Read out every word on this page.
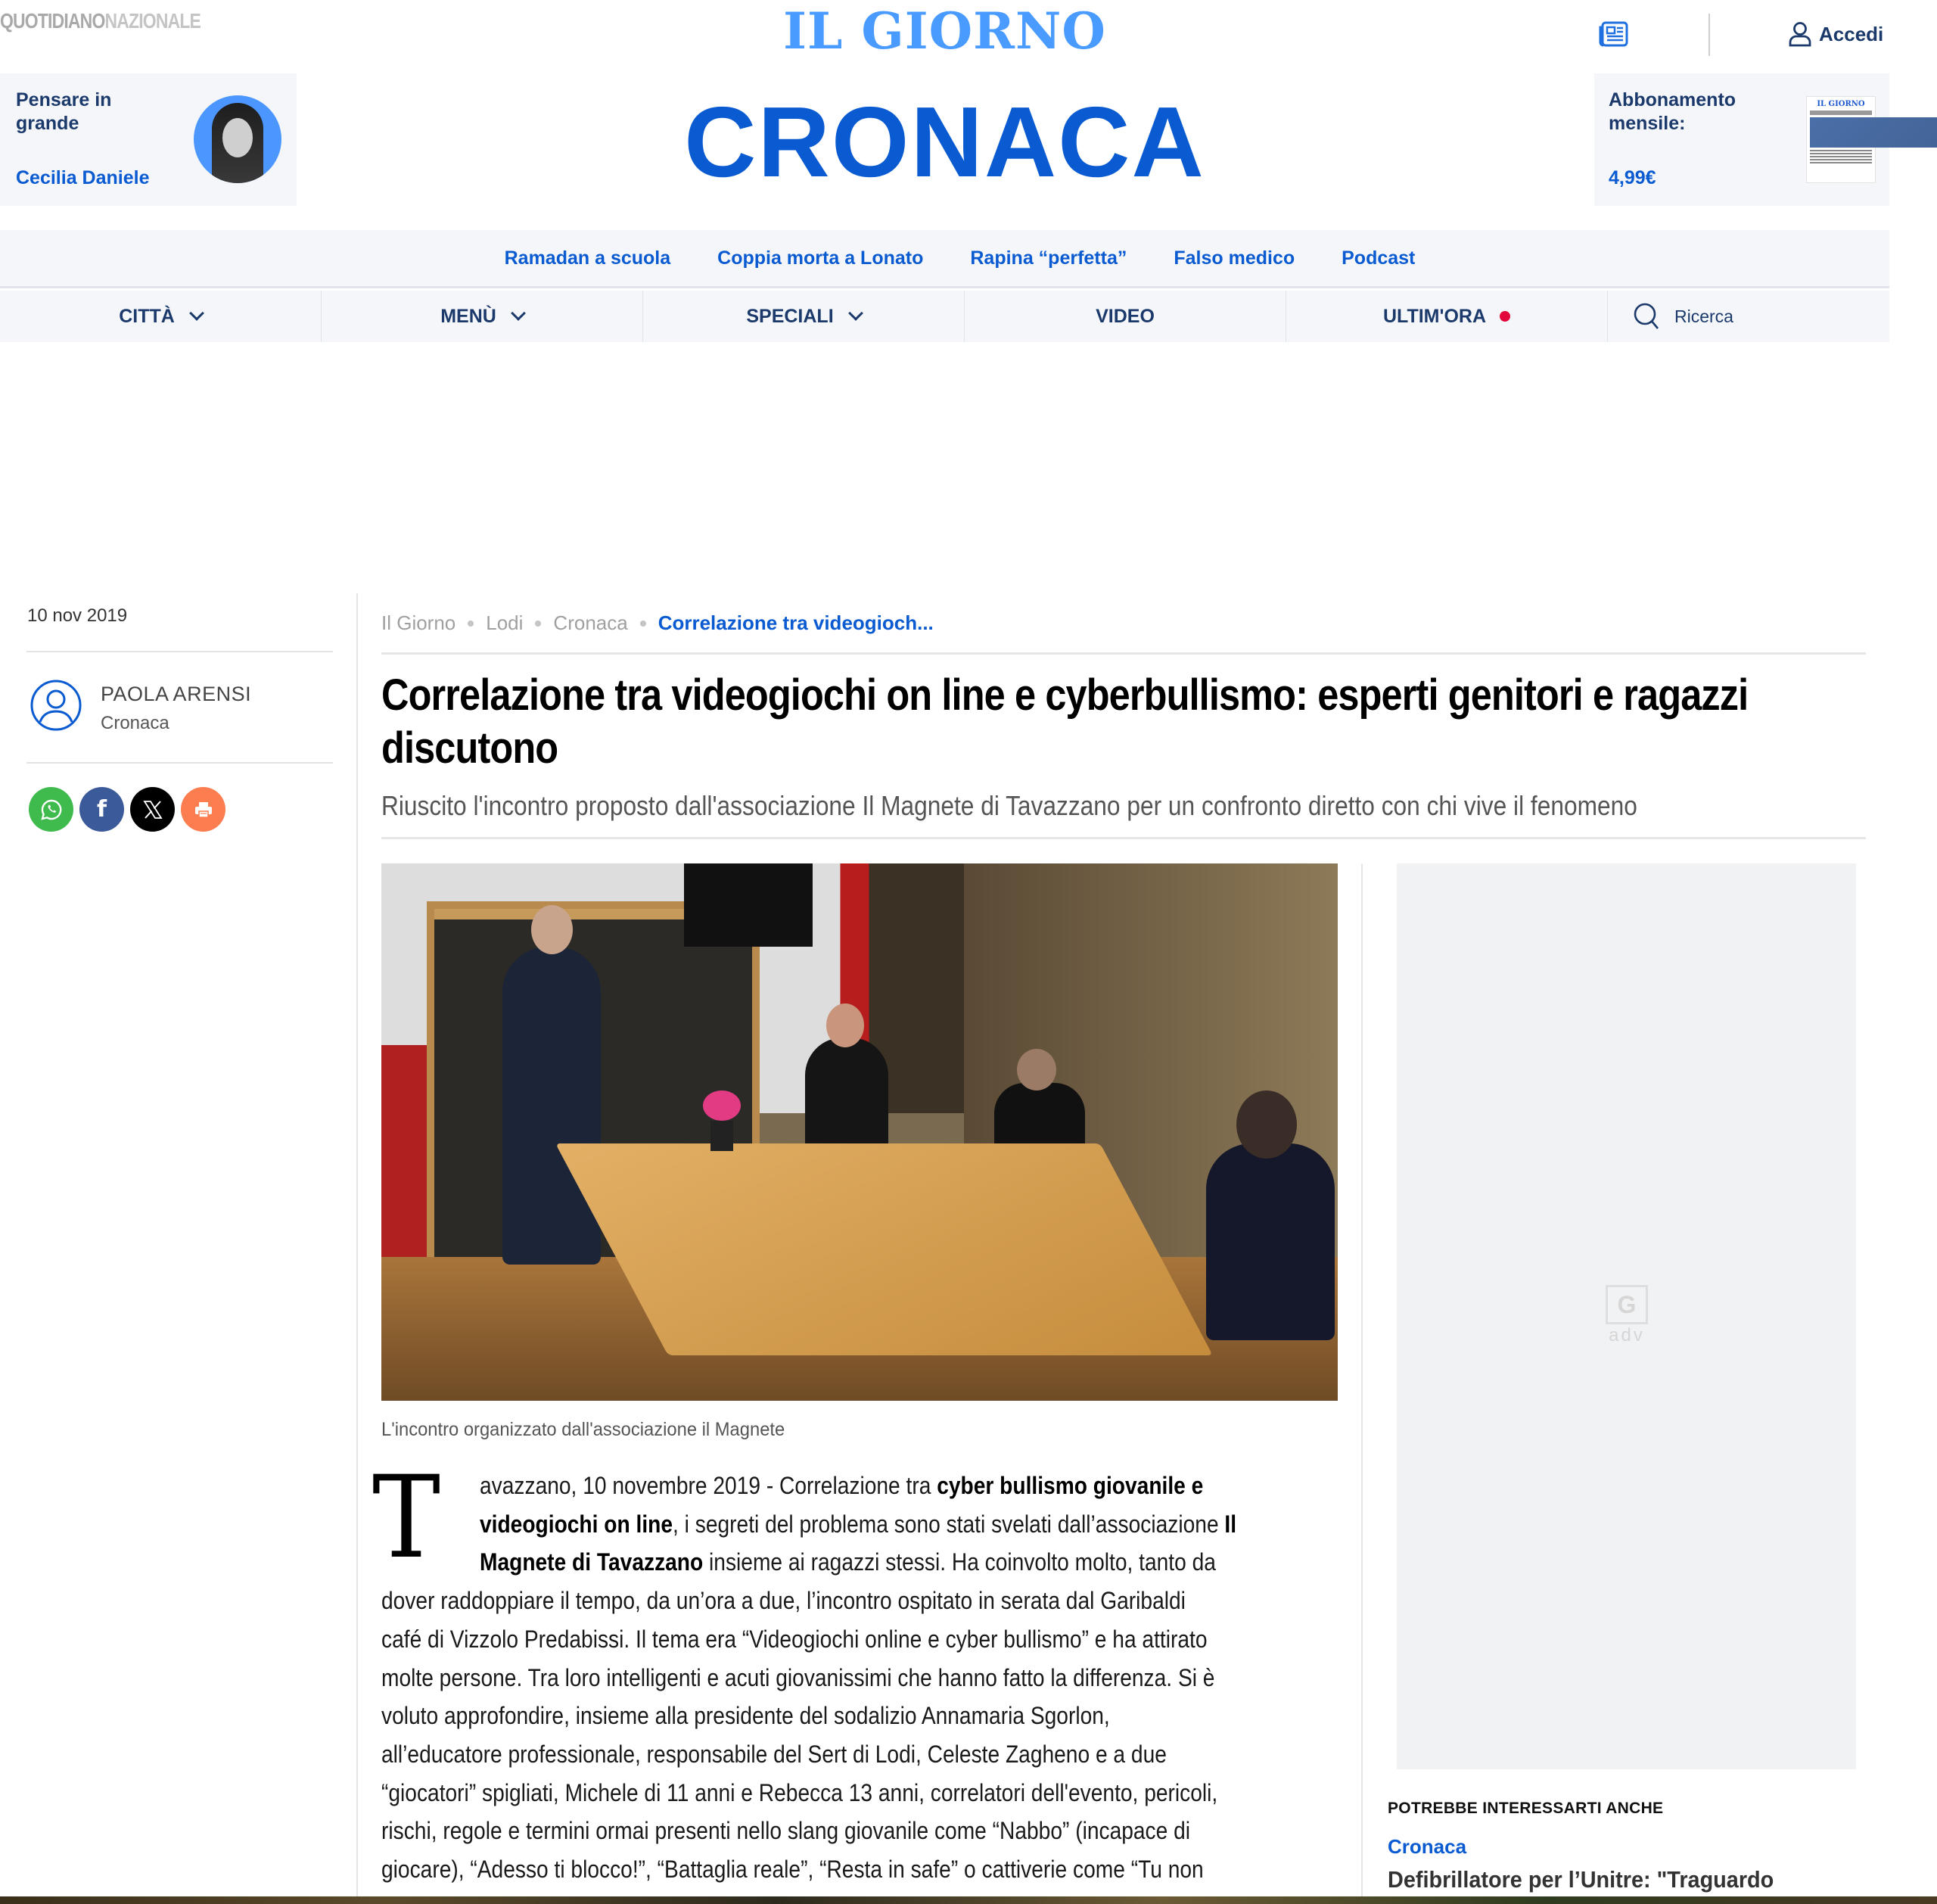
QUOTIDIANONAZIONALE	IL GIORNO	Accedi
Pensare in grande
Cecilia Daniele	CRONACA	Abbonamento mensile:
4,99€
IL GIORNO
Ramadan a scuola Coppia morta a Lonato Rapina “perfetta” Falso medico Podcast
CITTÀ	MENÙ	SPECIALI	VIDEO	ULTIM'ORA	Ricerca
10 nov 2019
PAOLA ARENSI
Cronaca
f
Il Giorno Lodi Cronaca Correlazione tra videogioch...
Correlazione tra videogiochi on line e cyberbullismo: esperti genitori e ragazzi discutono
Riuscito l'incontro proposto dall'associazione Il Magnete di Tavazzano per un confronto diretto con chi vive il fenomeno
L'incontro organizzato dall'associazione il Magnete
T	avazzano, 10 novembre 2019 - Correlazione tra cyber bullismo giovanile e
videogiochi on line, i segreti del problema sono stati svelati dall’associazione Il
Magnete di Tavazzano insieme ai ragazzi stessi. Ha coinvolto molto, tanto da
dover raddoppiare il tempo, da un’ora a due, l’incontro ospitato in serata dal Garibaldi
café di Vizzolo Predabissi. Il tema era “Videogiochi online e cyber bullismo” e ha attirato
molte persone. Tra loro intelligenti e acuti giovanissimi che hanno fatto la differenza. Si è
voluto approfondire, insieme alla presidente del sodalizio Annamaria Sgorlon,
all’educatore professionale, responsabile del Sert di Lodi, Celeste Zagheno e a due
“giocatori” spigliati, Michele di 11 anni e Rebecca 13 anni, correlatori dell'evento, pericoli,
rischi, regole e termini ormai presenti nello slang giovanile come “Nabbo” (incapace di
giocare), “Adesso ti blocco!”, “Battaglia reale”, “Resta in safe” o cattiverie come “Tu non
G
adv
POTREBBE INTERESSARTI ANCHE
Cronaca
Defibrillatore per l’Unitre: "Traguardo
